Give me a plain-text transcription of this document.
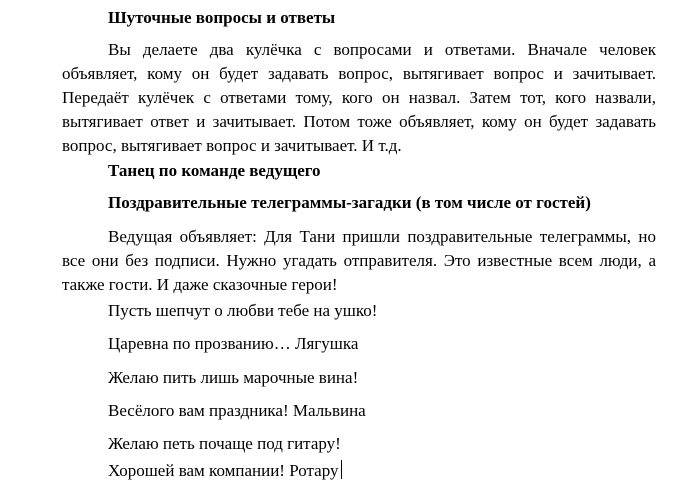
Шуточные вопросы и ответы

Вы делаете два кулёчка с вопросами и ответами. Вначале человек объявляет, кому он будет задавать вопрос, вытягивает вопрос и зачитывает. Передаёт кулёчек с ответами тому, кого он назвал. Затем тот, кого назвали, вытягивает ответ и зачитывает. Потом тоже объявляет, кому он будет задавать вопрос, вытягивает вопрос и зачитывает. И т.д.

Танец по команде ведущего
Поздравительные телеграммы-загадки (в том числе от гостей)

Ведущая объявляет: Для Тани пришли поздравительные телеграммы, но все они без подписи. Нужно угадать отправителя. Это известные всем люди, а также гости. И даже сказочные герои!

Пусть шепчут о любви тебе на ушко!
Царевна по прозванию… Лягушка
Желаю пить лишь марочные вина!
Весёлого вам праздника! Мальвина
Желаю петь почаще под гитару!
Хорошей вам компании! Ротару
